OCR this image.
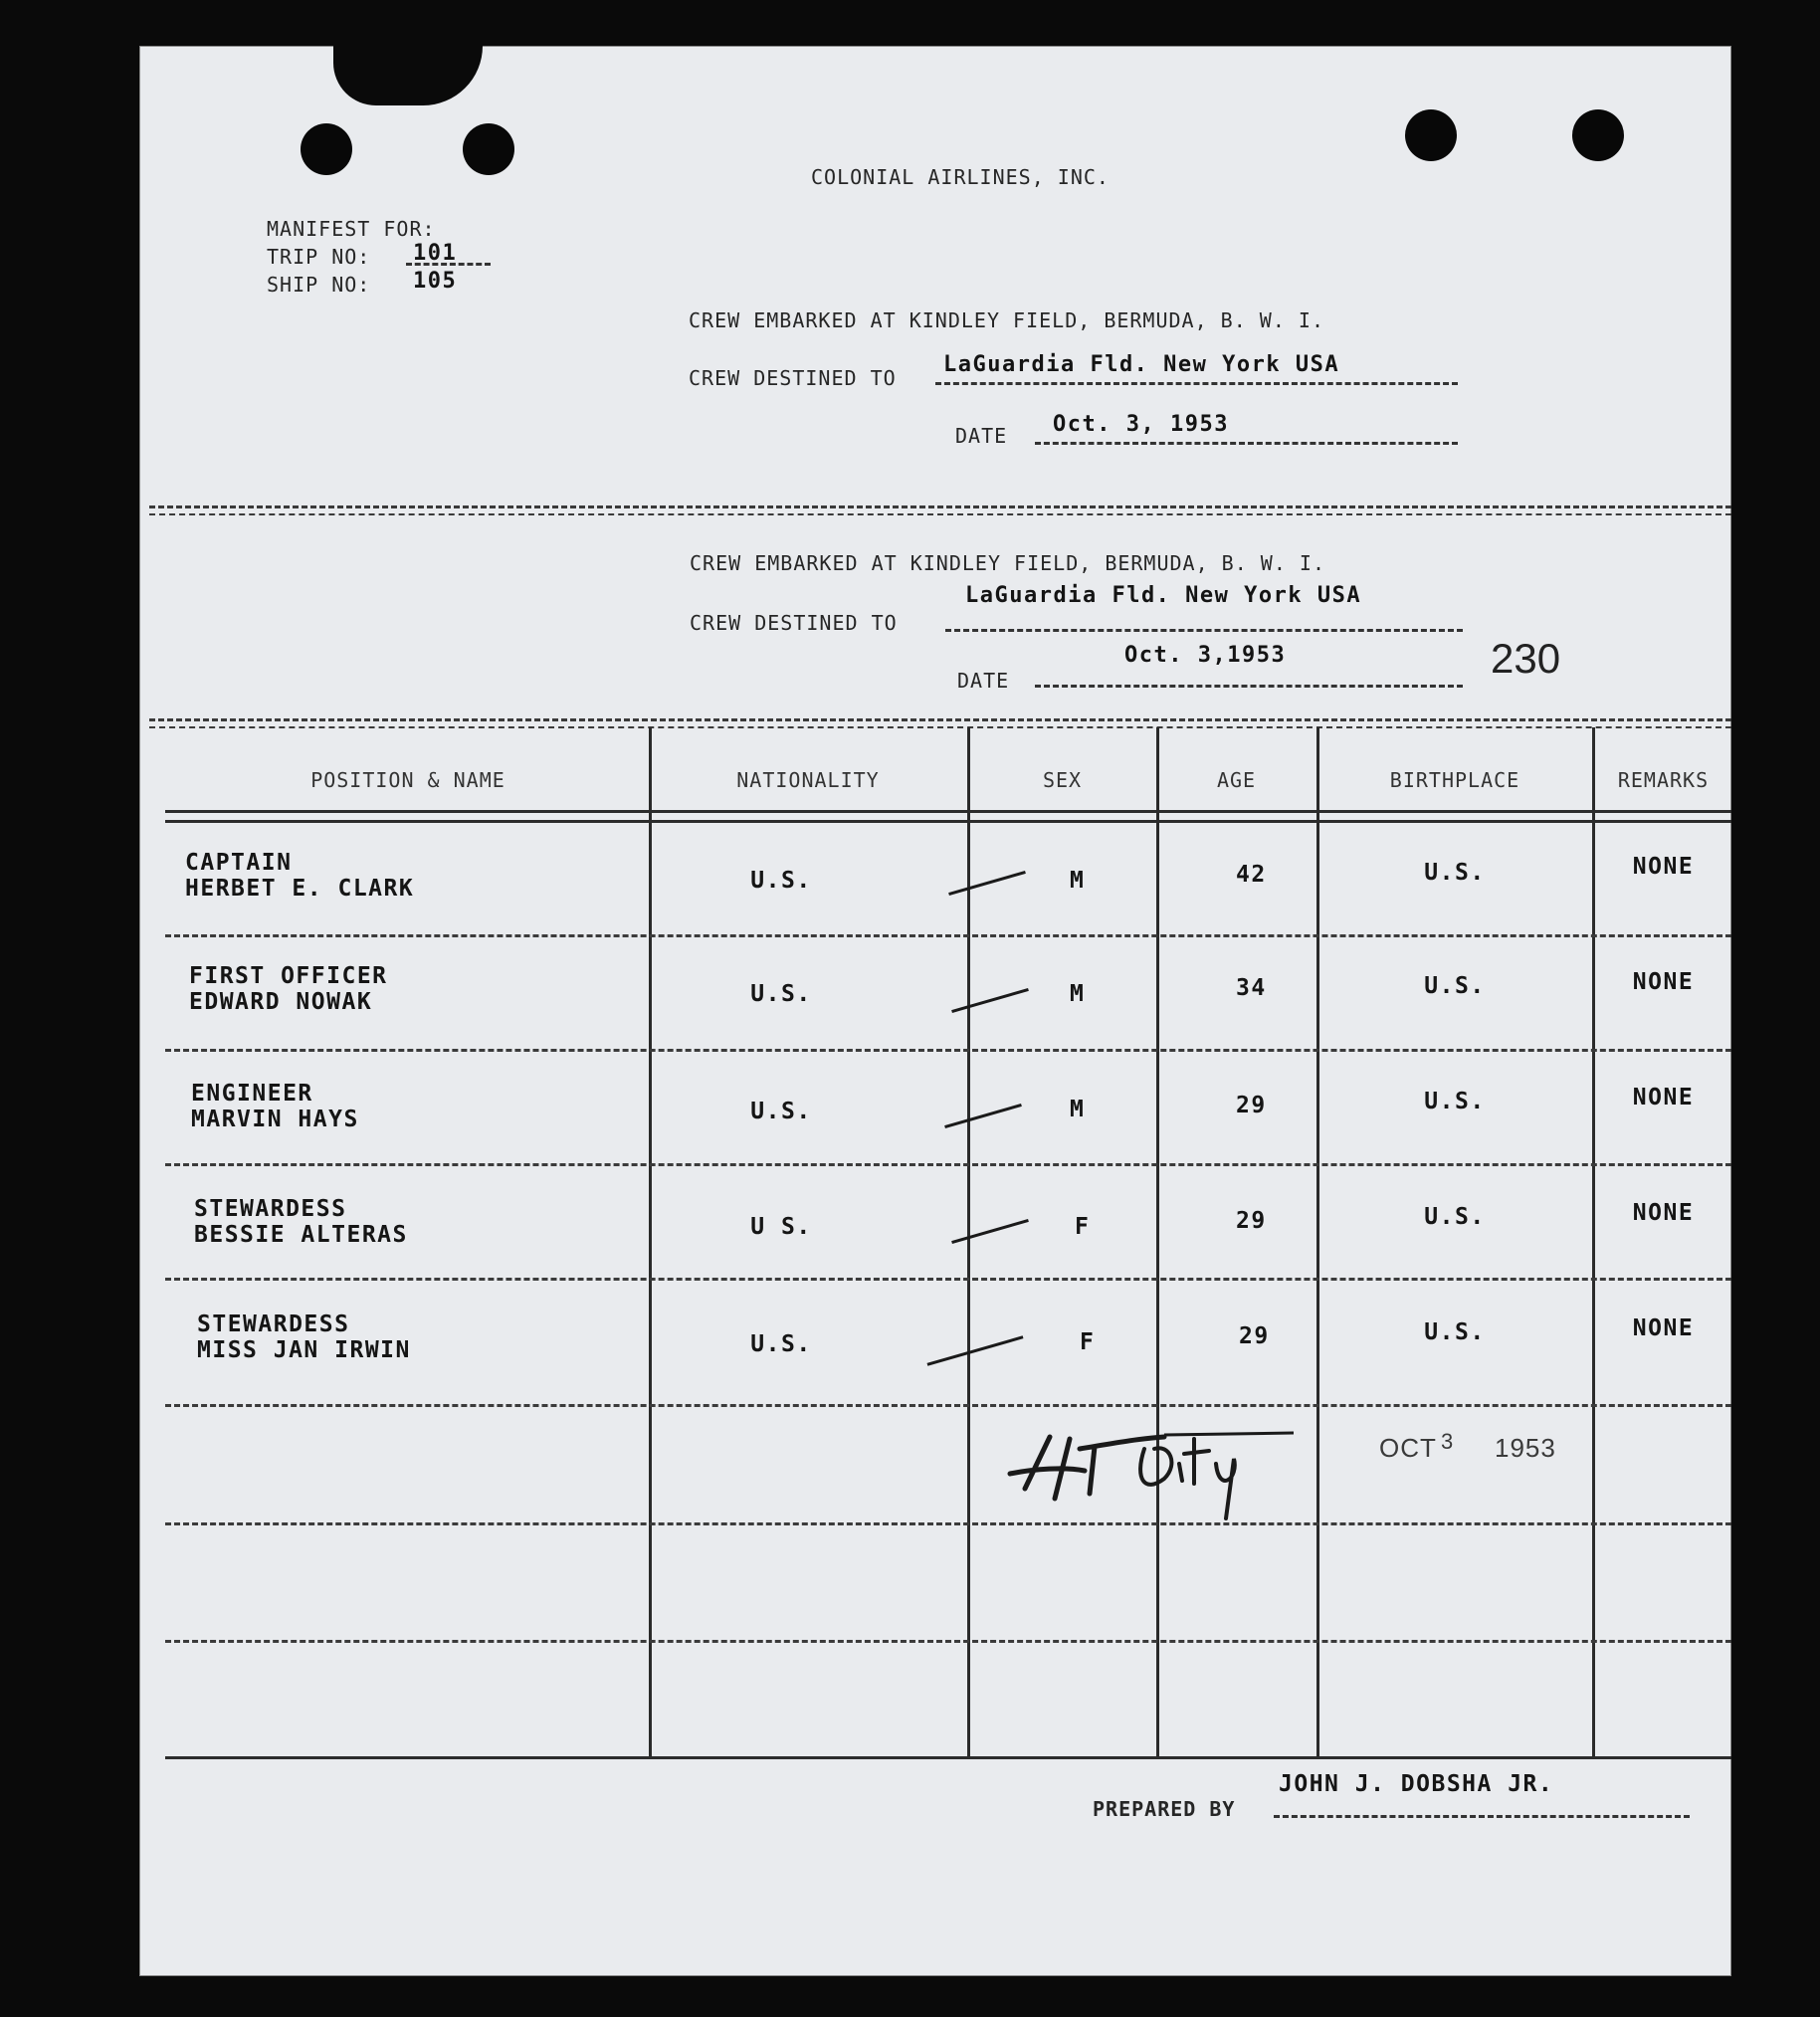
COLONIAL AIRLINES, INC.
MANIFEST FOR:
TRIP NO: 101
SHIP NO: 105
CREW EMBARKED AT KINDLEY FIELD, BERMUDA, B. W. I.
CREW DESTINED TO
LaGuardia Fld. New York USA
DATE Oct. 3, 1953
CREW EMBARKED AT KINDLEY FIELD, BERMUDA, B. W. I.
CREW DESTINED TO
LaGuardia Fld. New York USA
DATE
Oct. 3,1953	230
POSITION & NAME	NATIONALITY	SEX	AGE	BIRTHPLACE	REMARKS
CAPTAIN
HERBET E. CLARK	U.S.	M	42	U.S.	NONE
FIRST OFFICER
EDWARD NOWAK	U.S.	M	34	U.S.	NONE
ENGINEER
MARVIN HAYS	U.S.	M	29	U.S.	NONE
STEWARDESS
BESSIE ALTERAS	U S.	F	29	U.S.	NONE
STEWARDESS
MISS JAN IRWIN	U.S.	F	29	U.S.	NONE
OCT 3 1953
JOHN J. DOBSHA JR.
PREPARED BY
